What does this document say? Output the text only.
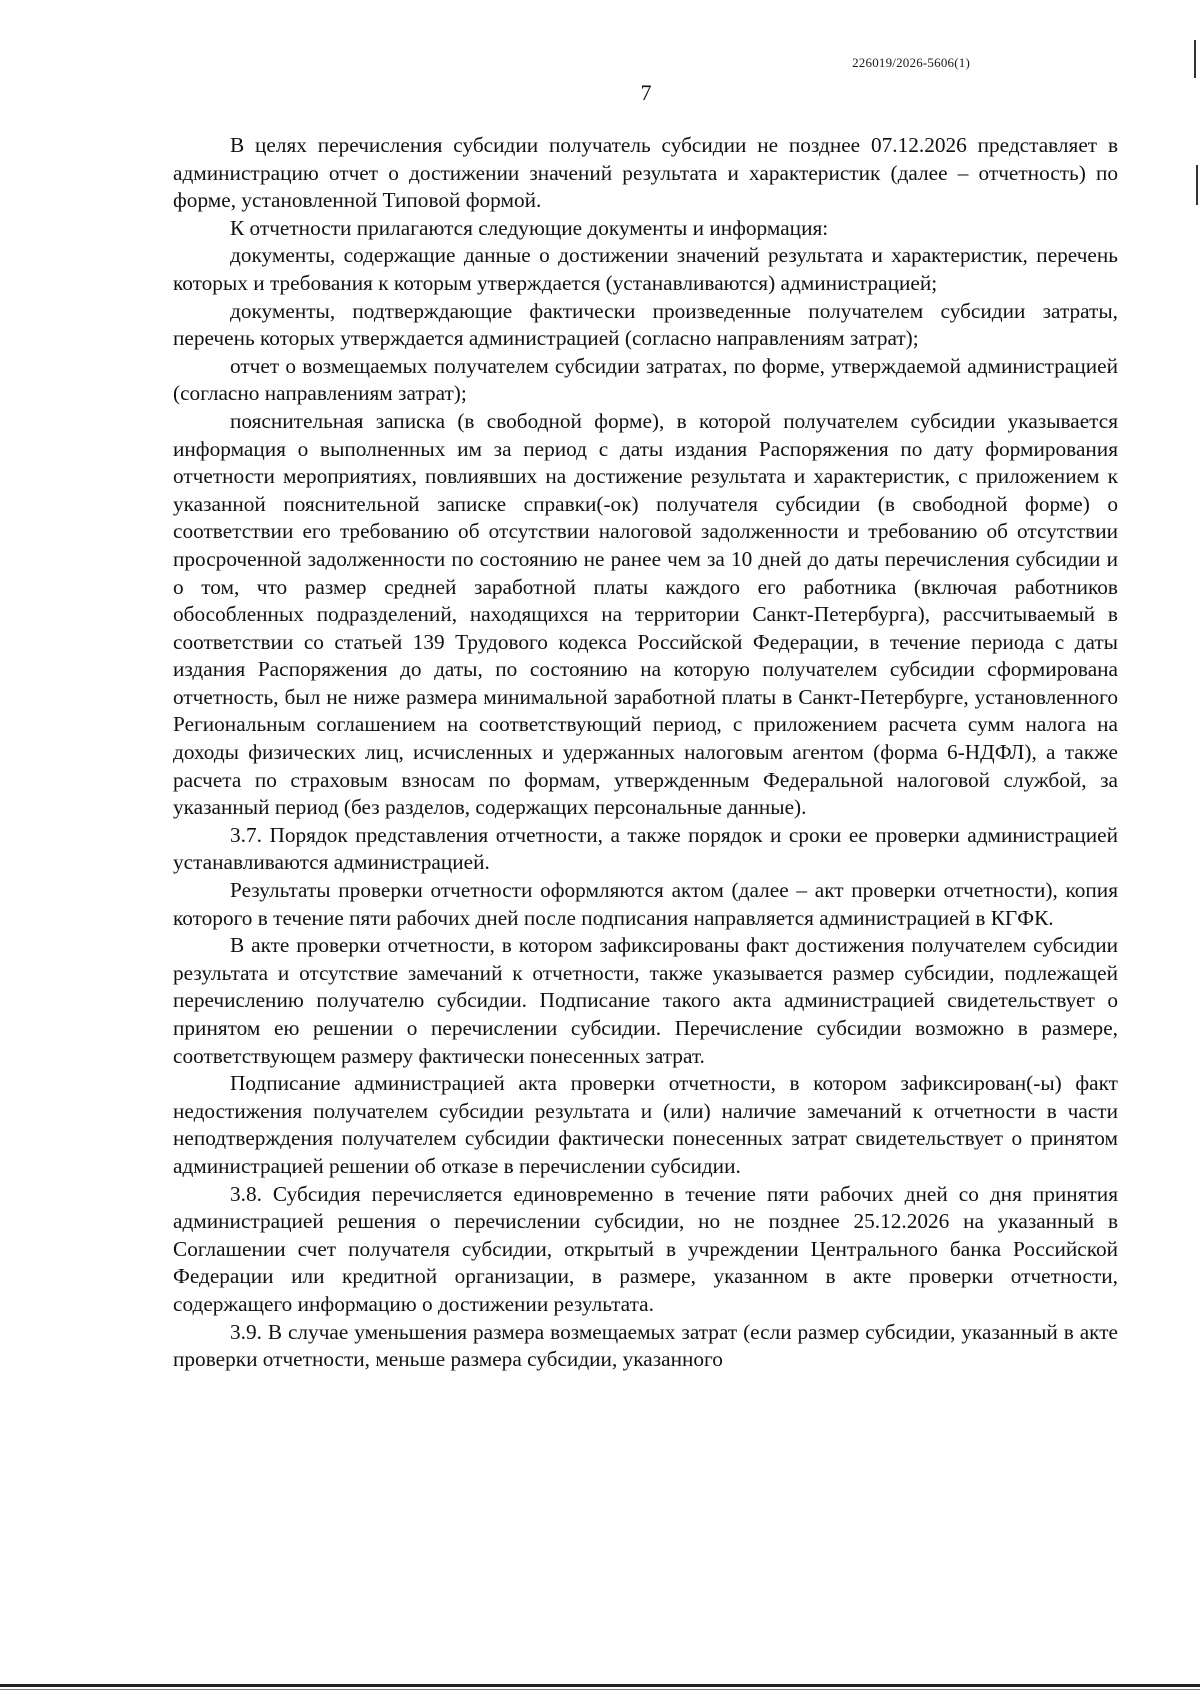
226019/2026-5606(1)
7

В целях перечисления субсидии получатель субсидии не позднее 07.12.2026 представляет в администрацию отчет о достижении значений результата и характеристик (далее – отчетность) по форме, установленной Типовой формой.

К отчетности прилагаются следующие документы и информация:

документы, содержащие данные о достижении значений результата и характеристик, перечень которых и требования к которым утверждается (устанавливаются) администрацией;

документы, подтверждающие фактически произведенные получателем субсидии затраты, перечень которых утверждается администрацией (согласно направлениям затрат);

отчет о возмещаемых получателем субсидии затратах, по форме, утверждаемой администрацией (согласно направлениям затрат);

пояснительная записка (в свободной форме), в которой получателем субсидии указывается информация о выполненных им за период с даты издания Распоряжения по дату формирования отчетности мероприятиях, повлиявших на достижение результата и характеристик, с приложением к указанной пояснительной записке справки(-ок) получателя субсидии (в свободной форме) о соответствии его требованию об отсутствии налоговой задолженности и требованию об отсутствии просроченной задолженности по состоянию не ранее чем за 10 дней до даты перечисления субсидии и о том, что размер средней заработной платы каждого его работника (включая работников обособленных подразделений, находящихся на территории Санкт-Петербурга), рассчитываемый в соответствии со статьей 139 Трудового кодекса Российской Федерации, в течение периода с даты издания Распоряжения до даты, по состоянию на которую получателем субсидии сформирована отчетность, был не ниже размера минимальной заработной платы в Санкт-Петербурге, установленного Региональным соглашением на соответствующий период, с приложением расчета сумм налога на доходы физических лиц, исчисленных и удержанных налоговым агентом (форма 6-НДФЛ), а также расчета по страховым взносам по формам, утвержденным Федеральной налоговой службой, за указанный период (без разделов, содержащих персональные данные).

3.7. Порядок представления отчетности, а также порядок и сроки ее проверки администрацией устанавливаются администрацией.

Результаты проверки отчетности оформляются актом (далее – акт проверки отчетности), копия которого в течение пяти рабочих дней после подписания направляется администрацией в КГФК.

В акте проверки отчетности, в котором зафиксированы факт достижения получателем субсидии результата и отсутствие замечаний к отчетности, также указывается размер субсидии, подлежащей перечислению получателю субсидии. Подписание такого акта администрацией свидетельствует о принятом ею решении о перечислении субсидии. Перечисление субсидии возможно в размере, соответствующем размеру фактически понесенных затрат.

Подписание администрацией акта проверки отчетности, в котором зафиксирован(-ы) факт недостижения получателем субсидии результата и (или) наличие замечаний к отчетности в части неподтверждения получателем субсидии фактически понесенных затрат свидетельствует о принятом администрацией решении об отказе в перечислении субсидии.

3.8. Субсидия перечисляется единовременно в течение пяти рабочих дней со дня принятия администрацией решения о перечислении субсидии, но не позднее 25.12.2026 на указанный в Соглашении счет получателя субсидии, открытый в учреждении Центрального банка Российской Федерации или кредитной организации, в размере, указанном в акте проверки отчетности, содержащего информацию о достижении результата.

3.9. В случае уменьшения размера возмещаемых затрат (если размер субсидии, указанный в акте проверки отчетности, меньше размера субсидии, указанного
